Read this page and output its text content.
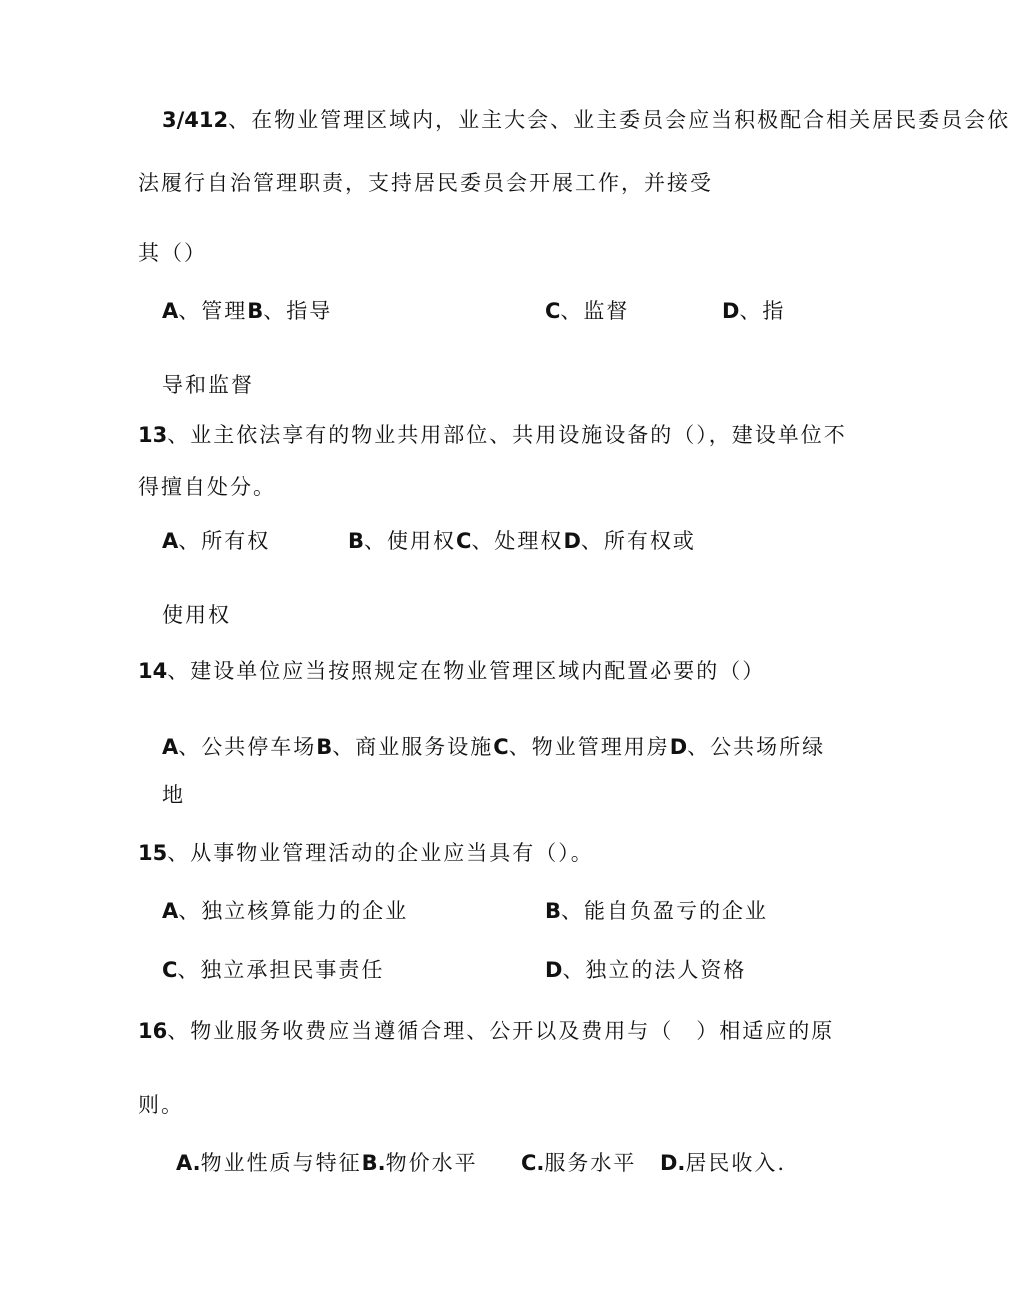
3/412、在物业管理区域内，业主大会、业主委员会应当积极配合相关居民委员会依
法履行自治管理职责，支持居民委员会开展工作，并接受
其（）
A、管理B、指导	C、监督	D、指
导和监督
13、业主依法享有的物业共用部位、共用设施设备的（），建设单位不
得擅自处分。
A、所有权	B、使用权C、处理权D、所有权或
使用权
14、建设单位应当按照规定在物业管理区域内配置必要的（）
A、公共停车场B、商业服务设施C、物业管理用房D、公共场所绿
地
15、从事物业管理活动的企业应当具有（）。
A、独立核算能力的企业	B、能自负盈亏的企业
C、独立承担民事责任	D、独立的法人资格
16、物业服务收费应当遵循合理、公开以及费用与（　）相适应的原
则。
A.物业性质与特征B.物价水平 C.服务水平 D.居民收入.
